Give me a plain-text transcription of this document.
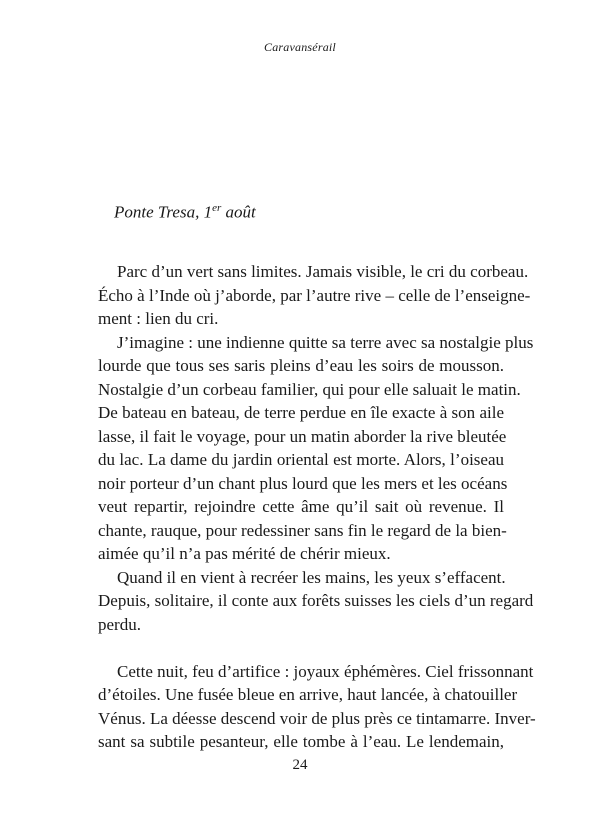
Caravansérail
Ponte Tresa, 1er août

Parc d’un vert sans limites. Jamais visible, le cri du corbeau.
Écho à l’Inde où j’aborde, par l’autre rive – celle de l’enseigne-
ment : lien du cri.

J’imagine : une indienne quitte sa terre avec sa nostalgie plus
lourde que tous ses saris pleins d’eau les soirs de mousson.
Nostalgie d’un corbeau familier, qui pour elle saluait le matin.
De bateau en bateau, de terre perdue en île exacte à son aile
lasse, il fait le voyage, pour un matin aborder la rive bleutée
du lac. La dame du jardin oriental est morte. Alors, l’oiseau
noir porteur d’un chant plus lourd que les mers et les océans
veut repartir, rejoindre cette âme qu’il sait où revenue. Il
chante, rauque, pour redessiner sans fin le regard de la bien-
aimée qu’il n’a pas mérité de chérir mieux.

Quand il en vient à recréer les mains, les yeux s’effacent.
Depuis, solitaire, il conte aux forêts suisses les ciels d’un regard
perdu.

Cette nuit, feu d’artifice : joyaux éphémères. Ciel frissonnant
d’étoiles. Une fusée bleue en arrive, haut lancée, à chatouiller
Vénus. La déesse descend voir de plus près ce tintamarre. Inver-
sant sa subtile pesanteur, elle tombe à l’eau. Le lendemain,

24
